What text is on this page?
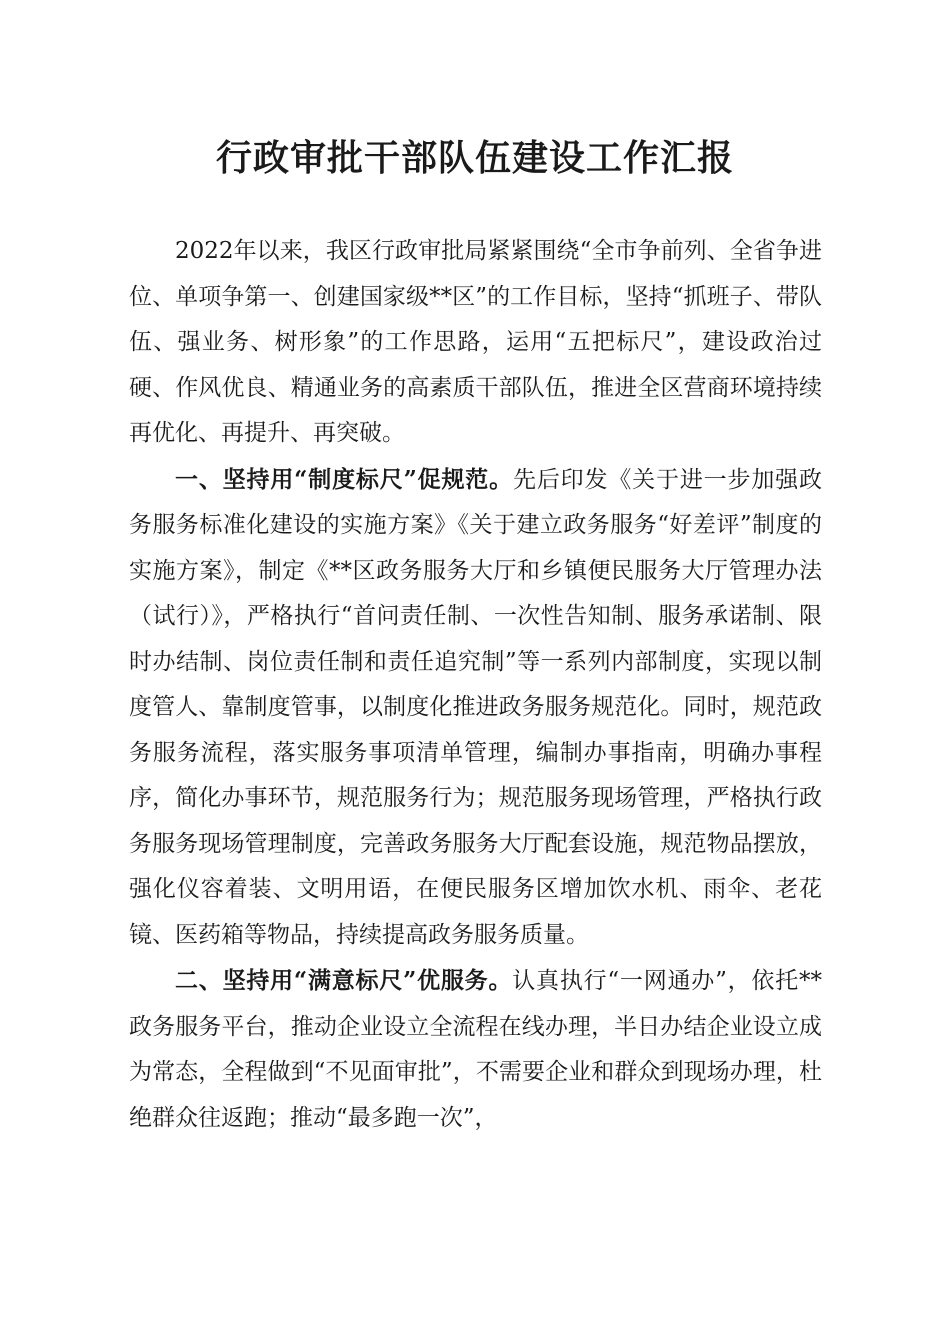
行政审批干部队伍建设工作汇报

2022年以来，我区行政审批局紧紧围绕“全市争前列、全省争进位、单项争第一、创建国家级**区”的工作目标，坚持“抓班子、带队伍、强业务、树形象”的工作思路，运用“五把标尺”，建设政治过硬、作风优良、精通业务的高素质干部队伍，推进全区营商环境持续再优化、再提升、再突破。

一、坚持用“制度标尺”促规范。先后印发《关于进一步加强政务服务标准化建设的实施方案》《关于建立政务服务“好差评”制度的实施方案》，制定《**区政务服务大厅和乡镇便民服务大厅管理办法（试行）》，严格执行“首问责任制、一次性告知制、服务承诺制、限时办结制、岗位责任制和责任追究制”等一系列内部制度，实现以制度管人、靠制度管事，以制度化推进政务服务规范化。同时，规范政务服务流程，落实服务事项清单管理，编制办事指南，明确办事程序，简化办事环节，规范服务行为；规范服务现场管理，严格执行政务服务现场管理制度，完善政务服务大厅配套设施，规范物品摆放，强化仪容着装、文明用语，在便民服务区增加饮水机、雨伞、老花镜、医药箱等物品，持续提高政务服务质量。

二、坚持用“满意标尺”优服务。认真执行“一网通办”，依托**政务服务平台，推动企业设立全流程在线办理，半日办结企业设立成为常态，全程做到“不见面审批”，不需要企业和群众到现场办理，杜绝群众往返跑；推动“最多跑一次”，
